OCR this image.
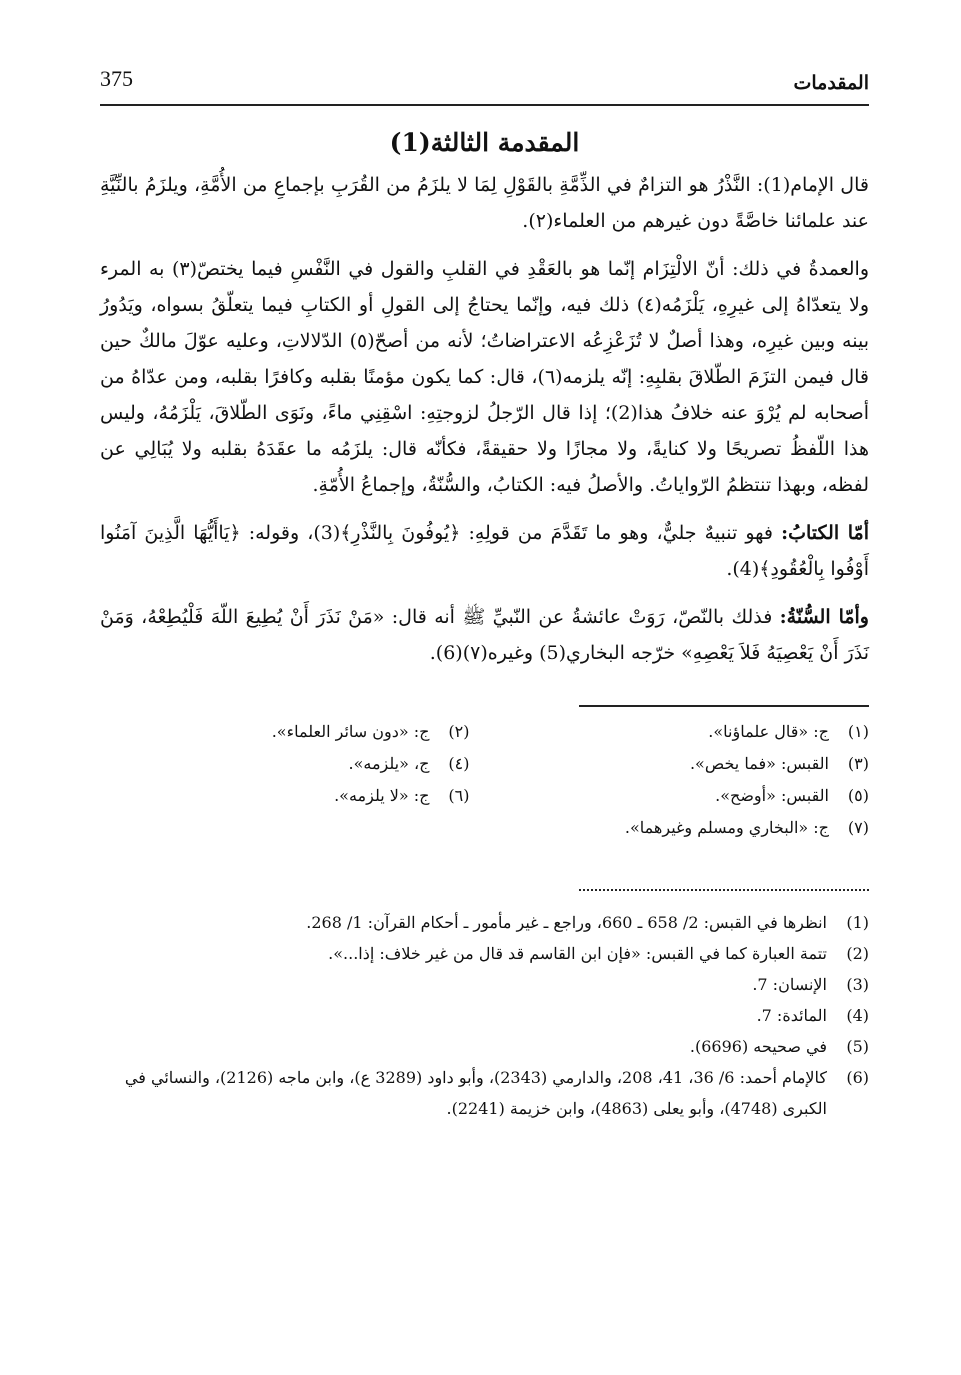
المقدمات
375
المقدمة الثالثة(1)

قال الإمام(1): النَّذْرُ هو التزامٌ في الذِّمَّةِ بالقَوْلِ لِمَا لا يلزَمُ من القُرَبِ بإجماعِ من الأُمَّةِ، ويلزَمُ بالنِّيَّةِ عند علمائنا خاصَّةً دون غيرهم من العلماء(٢).

والعمدةُ في ذلك: أنّ الالْتِزَام إنّما هو بالعَقْدِ في القلبِ والقول في النَّفْسِ فيما يختصّ(٣) به المرء ولا يتعدّاهُ إلى غيرِهِ، يَلْزَمُه(٤) ذلك فيه، وإنّما يحتاجُ إلى القولِ أو الكتابِ فيما يتعلّقُ بسواه، ويَدُورُ بينه وبين غيرِه، وهذا أصلٌ لا تُزَعْزِعُه الاعتراضاتُ؛ لأنه من أصحّ(٥) الدّلالاتِ، وعليه عوّلَ مالكٌ حين قال فيمن التزَمَ الطّلاقَ بقلبِهِ: إنّه يلزمه(٦)، قال: كما يكون مؤمنًا بقلبه وكافرًا بقلبه، ومن عدّاهُ من أصحابه لم يُرْوَ عنه خلافُ هذا(2)؛ إذا قال الرّجلُ لزوجتِهِ: اسْقِنِي ماءً، ونَوَى الطّلاقَ، يَلْزَمُهُ، وليس هذا اللّفظُ تصريحًا ولا كنايةً، ولا مجازًا ولا حقيقةً، فكأنّه قال: يلزَمُه ما عقَدَهُ بقلبه ولا يُبَالِي عن لفظه، وبهذا تنتظمُ الرّواياتُ. والأصلُ فيه: الكتابُ، والسُّنّةُ، وإجماعُ الأُمّةِ.

أمّا الكتابُ: فهو تنبيهٌ جليٌّ، وهو ما تَقَدَّمَ من قولِهِ: ﴿يُوفُونَ بِالنَّذْرِ﴾(3)، وقوله: ﴿يَاأَيُّهَا الَّذِينَ آمَنُوا أَوْفُوا بِالْعُقُودِ﴾(4).

وأمّا السُّنّةُ: فذلك بالنّصّ، رَوَتْ عائشةُ عن النّبيِّ ﷺ أنه قال: «مَنْ نَذَرَ أَنْ يُطِيعَ اللّهَ فَلْيُطِعْهُ، وَمَنْ نَذَرَ أَنْ يَعْصِيَهُ فَلاَ يَعْصِهِ» خرّجه البخاري(5) وغيره(٧)(6).

(١)
ج: «قال علماؤنا».
(٢)
ج: «دون سائر العلماء».
(٣)
القبس: «فما يخص».
(٤)
ج، «يلزمه».
(٥)
القبس: «أوضح».
(٦)
ج: «لا يلزمه».
(٧)
ج: «البخاري ومسلم وغيرهما».
(1)
انظرها في القبس: 2/ 658 ـ 660، وراجع ـ غير مأمور ـ أحكام القرآن: 1/ 268.
(2)
تتمة العبارة كما في القبس: «فإن ابن القاسم قد قال من غير خلاف: إذا...».
(3)
الإنسان: 7.
(4)
المائدة: 7.
(5)
في صحيحه (6696).
(6)
كالإمام أحمد: 6/ 36، 41، 208، والدارمي (2343)، وأبو داود (3289 ع)، وابن ماجه (2126)، والنسائي في الكبرى (4748)، وأبو يعلى (4863)، وابن خزيمة (2241).
